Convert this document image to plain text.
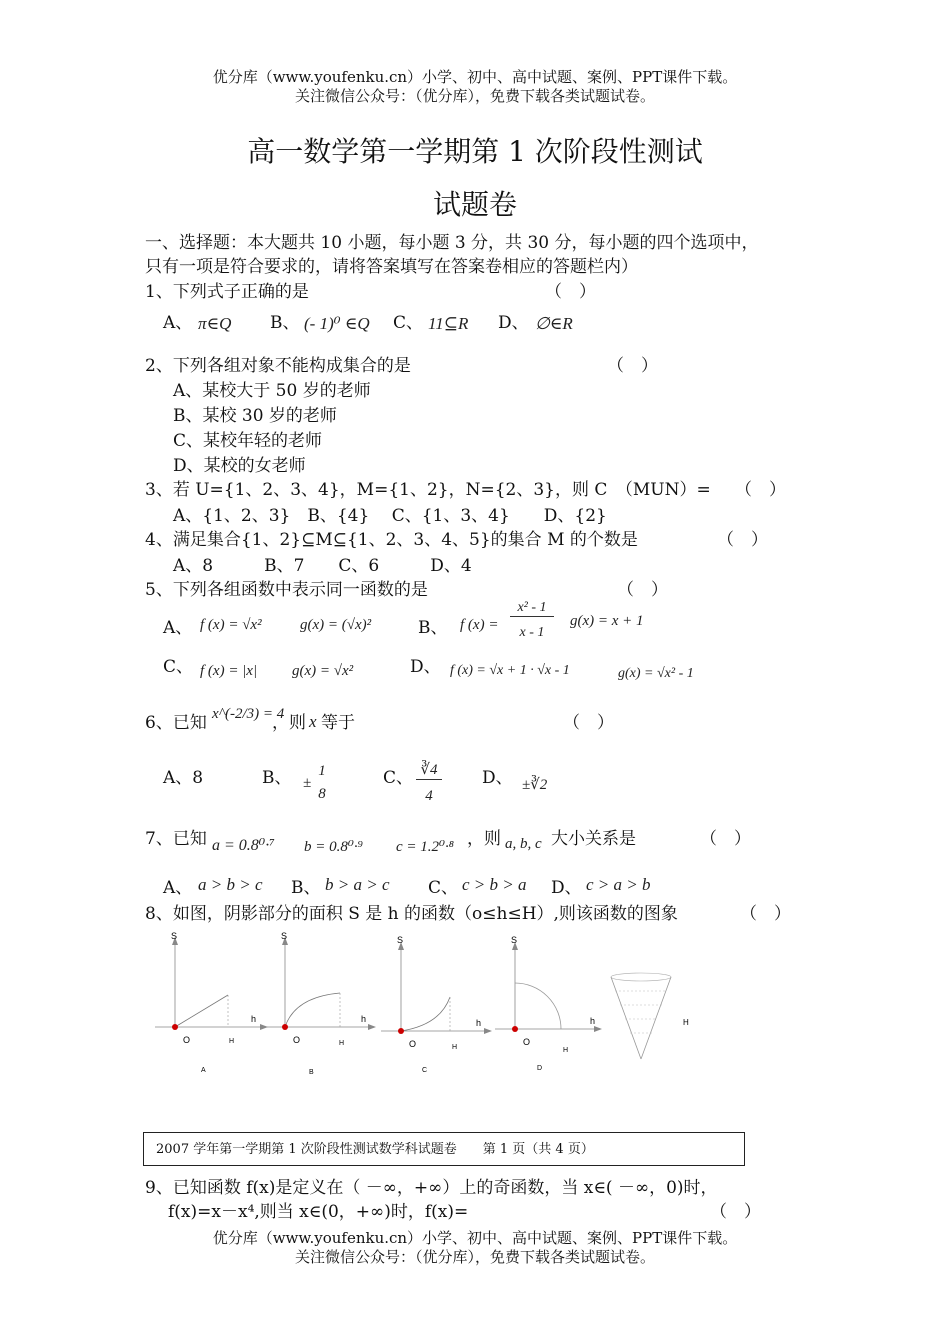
优分库（www.youfenku.cn）小学、初中、高中试题、案例、PPT课件下载。
关注微信公众号：（优分库），免费下载各类试题试卷。
高一数学第一学期第 1 次阶段性测试
试题卷
一、选择题：本大题共 10 小题，每小题 3 分，共 30 分，每小题的四个选项中，
只有一项是符合要求的，请将答案填写在答案卷相应的答题栏内）
1、下列式子正确的是	（　）
A、 π∈Q B、 (- 1)⁰ ∈Q C、 11⊆R D、 ∅∈R
2、下列各组对象不能构成集合的是	（　）
A、某校大于 50 岁的老师
B、某校 30 岁的老师
C、某校年轻的老师
D、某校的女老师
3、若 U={1、2、3、4}，M={1、2}，N={2、3}，则 C　（MUN）= （　）
A、{1、2、3}　B、{4}　 C、{1、3、4}　　D、{2}
4、满足集合{1、2}⊆M⊆{1、2、3、4、5}的集合 M 的个数是	（　）
A、8　　　B、7　　C、6　　　D、4
5、下列各组函数中表示同一函数的是	（　）
A、 f (x) = √x²	g(x) = (√x)²	B、 f (x) =
x² - 1
x - 1
g(x) = x + 1
C、 f (x) = |x| g(x) = √x²	D、 f (x) = √x + 1 · √x - 1	g(x) = √x² - 1
6、已知 x^(-2/3) = 4
，则 x 等于	（　）
A、8	B、 ±
1
8
C、 ∛4
4
D、 ±∛2
7、已知 a = 0.8⁰·⁷ b = 0.8⁰·⁹ c = 1.2⁰·⁸ ，则 a, b, c 大小关系是	（　）
A、 a > b > c B、 b > a > c C、 c > b > a D、 c > a > b
8、如图，阴影部分的面积 S 是 h 的函数（o≤h≤H）,则该函数的图象	（　）
S
h
O	H
A
S
h
O	H
B
S
h
O	H
C
S
h
O
H
D
H
2007 学年第一学期第 1 次阶段性测试数学科试题卷　　第 1 页（共 4 页）
9、已知函数 f(x)是定义在（ －∞，+∞）上的奇函数，当 x∈( －∞，0)时，
f(x)=x－x⁴,则当 x∈(0，+∞)时，f(x)=	（　）
优分库（www.youfenku.cn）小学、初中、高中试题、案例、PPT课件下载。
关注微信公众号：（优分库），免费下载各类试题试卷。
